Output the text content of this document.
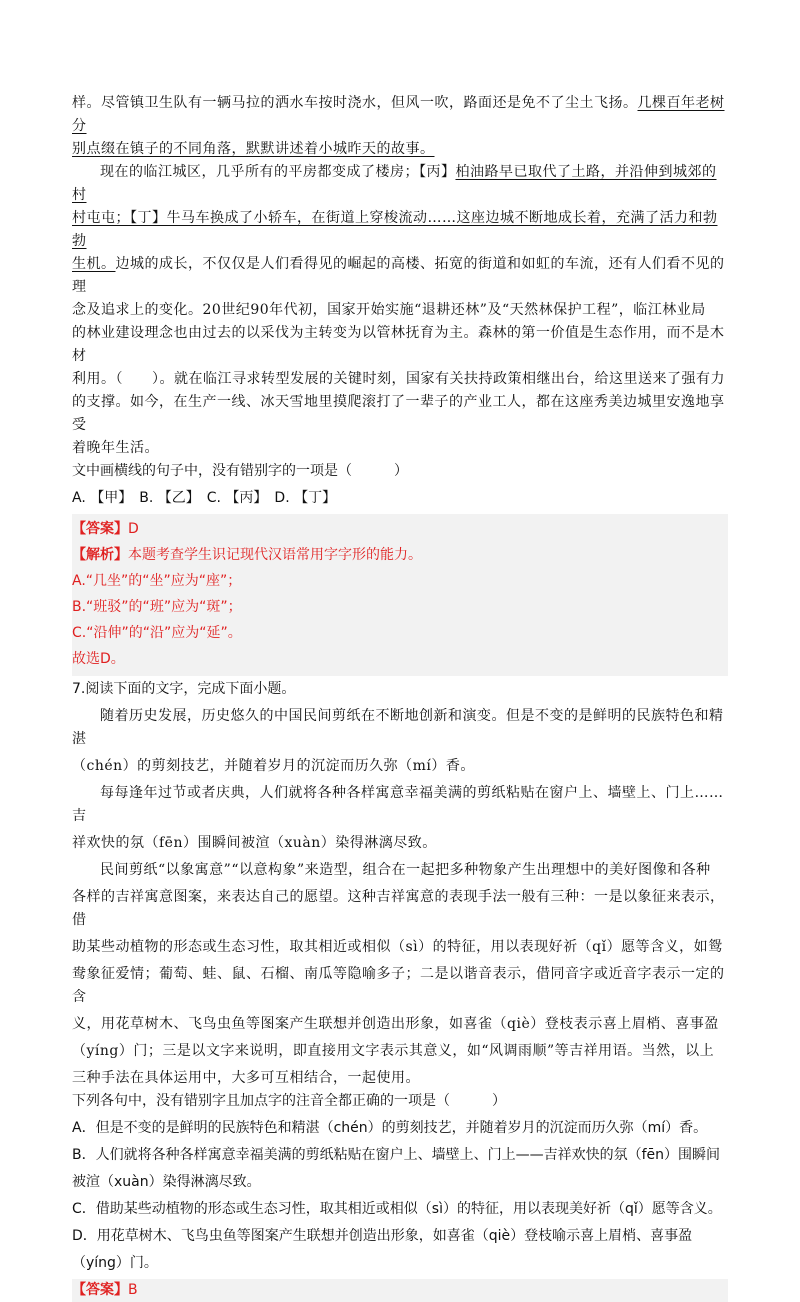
样。尽管镇卫生队有一辆马拉的洒水车按时浇水，但风一吹，路面还是免不了尘土飞扬。几棵百年老树分

别点缀在镇子的不同角落，默默讲述着小城昨天的故事。

现在的临江城区，几乎所有的平房都变成了楼房；【丙】柏油路早已取代了土路，并沿伸到城郊的村

村屯屯；【丁】牛马车换成了小轿车，在街道上穿梭流动……这座边城不断地成长着，充满了活力和勃勃

生机。边城的成长，不仅仅是人们看得见的崛起的高楼、拓宽的街道和如虹的车流，还有人们看不见的理

念及追求上的变化。20世纪90年代初，国家开始实施“退耕还林”及“天然林保护工程”，临江林业局

的林业建设理念也由过去的以采伐为主转变为以管林抚育为主。森林的第一价值是生态作用，而不是木材

利用。（　　）。就在临江寻求转型发展的关键时刻，国家有关扶持政策相继出台，给这里送来了强有力

的支撑。如今，在生产一线、冰天雪地里摸爬滚打了一辈子的产业工人，都在这座秀美边城里安逸地享受

着晚年生活。

文中画横线的句子中，没有错别字的一项是（　　　）

A. 【甲】　B. 【乙】　C. 【丙】　D. 【丁】

【答案】D

【解析】本题考查学生识记现代汉语常用字字形的能力。

A.“几坐”的“坐”应为“座”；

B.“班驳”的“班”应为“斑”；

C.“沿伸”的“沿”应为“延”。

故选D。

7.阅读下面的文字，完成下面小题。

随着历史发展，历史悠久的中国民间剪纸在不断地创新和演变。但是不变的是鲜明的民族特色和精湛

（chén）的剪刻技艺，并随着岁月的沉淀而历久弥（mí）香。

每每逢年过节或者庆典，人们就将各种各样寓意幸福美满的剪纸粘贴在窗户上、墙壁上、门上……吉

祥欢快的氛（fēn）围瞬间被渲（xuàn）染得淋漓尽致。

民间剪纸“以象寓意”“以意构象”来造型，组合在一起把多种物象产生出理想中的美好图像和各种

各样的吉祥寓意图案，来表达自己的愿望。这种吉祥寓意的表现手法一般有三种：一是以象征来表示，借

助某些动植物的形态或生态习性，取其相近或相似（sì）的特征，用以表现好祈（qǐ）愿等含义，如鸳

鸯象征爱情；葡萄、蛙、鼠、石榴、南瓜等隐喻多子；二是以谐音表示，借同音字或近音字表示一定的含

义，用花草树木、飞鸟虫鱼等图案产生联想并创造出形象，如喜雀（qiè）登枝表示喜上眉梢、喜事盈

（yíng）门；三是以文字来说明，即直接用文字表示其意义，如“风调雨顺”等吉祥用语。当然，以上

三种手法在具体运用中，大多可互相结合，一起使用。

下列各句中，没有错别字且加点字的注音全都正确的一项是（　　　）

A．但是不变的是鲜明的民族特色和精湛（chén）的剪刻技艺，并随着岁月的沉淀而历久弥（mí）香。

B．人们就将各种各样寓意幸福美满的剪纸粘贴在窗户上、墙壁上、门上——吉祥欢快的氛（fēn）围瞬间

被渲（xuàn）染得淋漓尽致。

C．借助某些动植物的形态或生态习性，取其相近或相似（sì）的特征，用以表现美好祈（qǐ）愿等含义。

D．用花草树木、飞鸟虫鱼等图案产生联想并创造出形象，如喜雀（qiè）登枝喻示喜上眉梢、喜事盈

（yíng）门。

【答案】B
